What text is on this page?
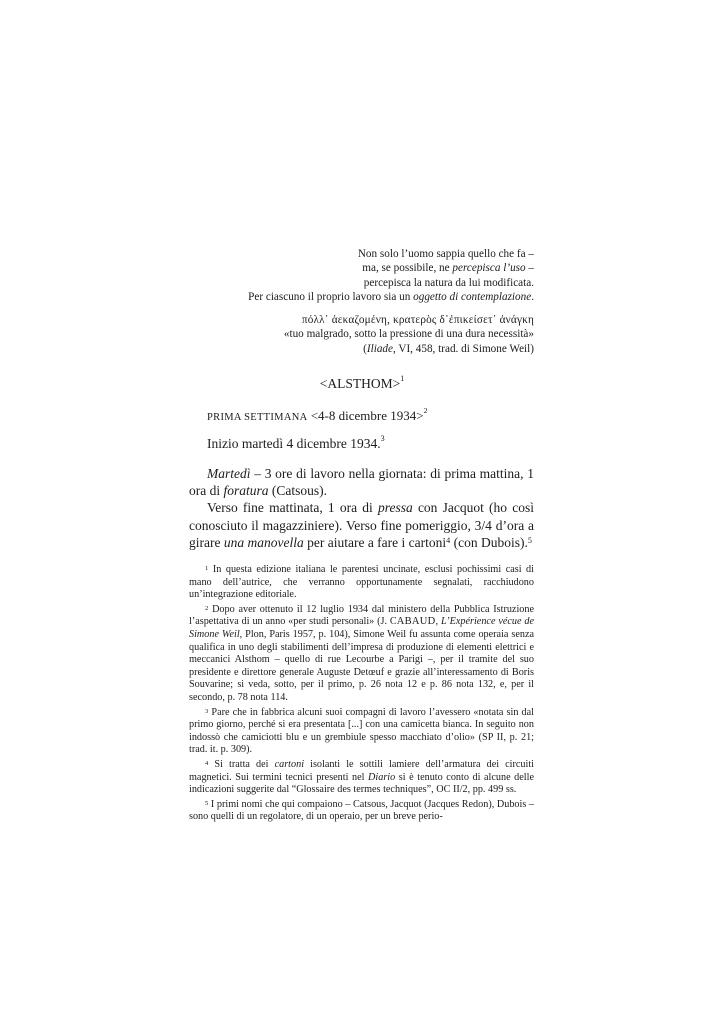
Non solo l’uomo sappia quello che fa –

ma, se possibile, ne percepisca l’uso –

percepisca la natura da lui modificata.

Per ciascuno il proprio lavoro sia un oggetto di contemplazione.

πόλλ᾽ ἀεκαζομένη, κρατερὸς δ᾽ἐπικείσετ᾽ ἀνάγκη

«tuo malgrado, sotto la pressione di una dura necessità»

(Iliade, VI, 458, trad. di Simone Weil)

<ALSTHOM>$^1$
PRIMA SETTIMANA <4-8 dicembre 1934>$^2$
Inizio martedì 4 dicembre 1934.$^3$

Martedì – 3 ore di lavoro nella giornata: di prima mattina, 1 ora di foratura (Catsous).

Verso fine mattinata, 1 ora di pressa con Jacquot (ho così conosciuto il magazziniere). Verso fine pomeriggio, 3/4 d’ora a girare una manovella per aiutare a fare i cartoni$^4$ (con Dubois).$^5$

$^1$ In questa edizione italiana le parentesi uncinate, esclusi pochissimi casi di mano dell’autrice, che verranno opportunamente segnalati, racchiudono un’integrazione editoriale.

$^2$ Dopo aver ottenuto il 12 luglio 1934 dal ministero della Pubblica Istruzione l’aspettativa di un anno «per studi personali» (J. CABAUD, L’Expérience vécue de Simone Weil, Plon, Paris 1957, p. 104), Simone Weil fu assunta come operaia senza qualifica in uno degli stabilimenti dell’impresa di produzione di elementi elettrici e meccanici Alsthom – quello di rue Lecourbe a Parigi –, per il tramite del suo presidente e direttore generale Auguste Detœuf e grazie all’interessamento di Boris Souvarine; si veda, sotto, per il primo, p. 26 nota 12 e p. 86 nota 132, e, per il secondo, p. 78 nota 114.

$^3$ Pare che in fabbrica alcuni suoi compagni di lavoro l’avessero «notata sin dal primo giorno, perché si era presentata [...] con una camicetta bianca. In seguito non indossò che camiciotti blu e un grembiule spesso macchiato d’olio» (SP II, p. 21; trad. it. p. 309).

$^4$ Si tratta dei cartoni isolanti le sottili lamiere dell’armatura dei circuiti magnetici. Sui termini tecnici presenti nel Diario si è tenuto conto di alcune delle indicazioni suggerite dal “Glossaire des termes techniques”, OC II/2, pp. 499 ss.

$^5$ I primi nomi che qui compaiono – Catsous, Jacquot (Jacques Redon), Dubois – sono quelli di un regolatore, di un operaio, per un breve perio-
